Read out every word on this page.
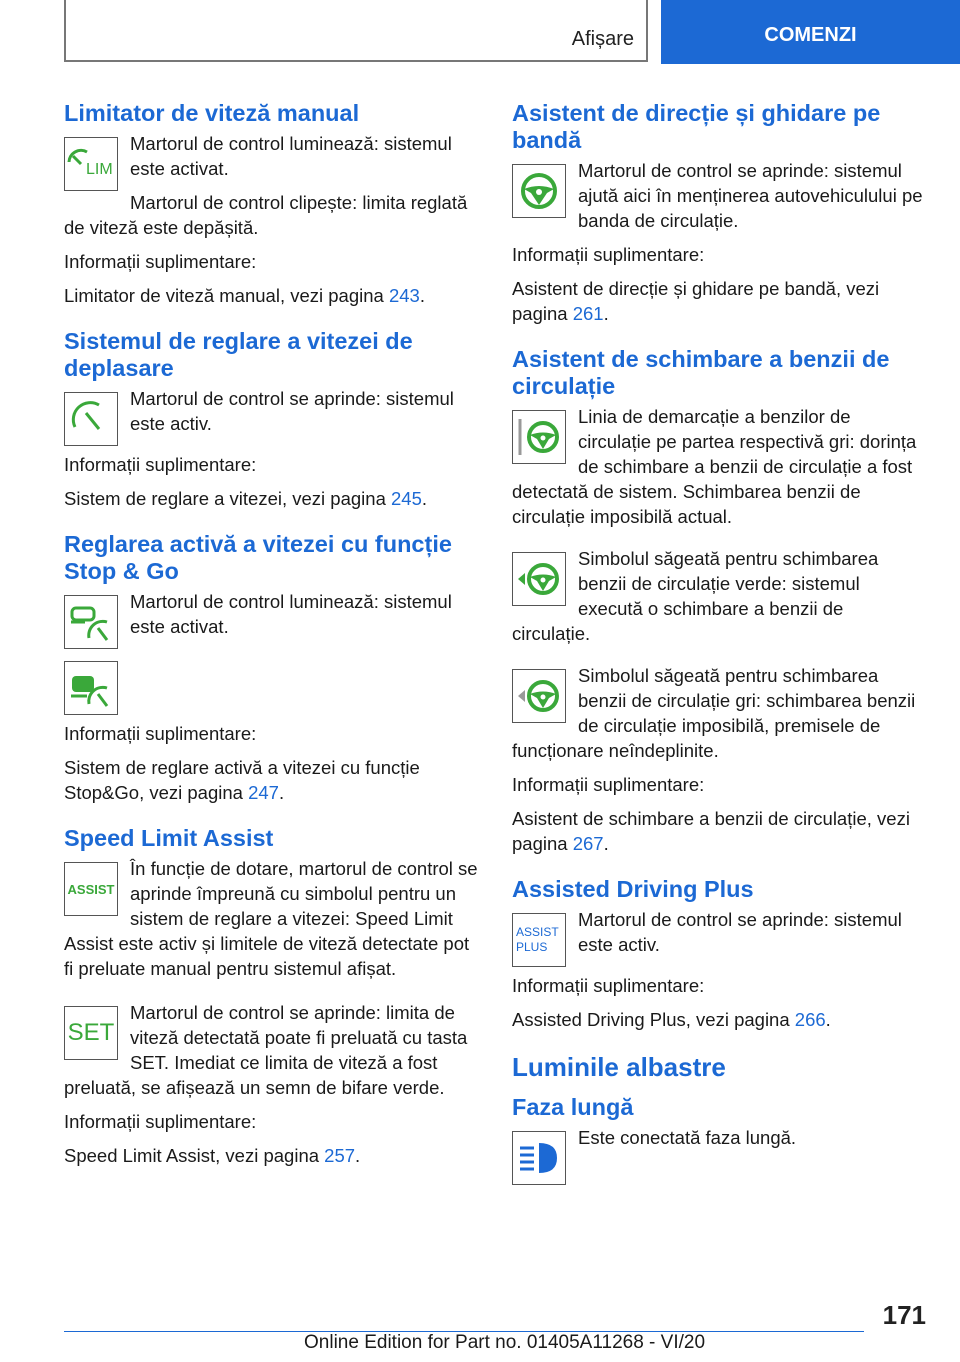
Afișare	COMENZI
Limitator de viteză manual
LIM

Martorul de control luminează: sistemul este activat.

Martorul de control clipește: limita reglată de viteză este depășită.

Informații suplimentare:

Limitator de viteză manual, vezi pagina 243.

Sistemul de reglare a vitezei de deplasare

Martorul de control se aprinde: sistemul este activ.

Informații suplimentare:

Sistem de reglare a vitezei, vezi pagina 245.

Reglarea activă a vitezei cu funcție Stop & Go

Martorul de control luminează: sistemul este activat.

Informații suplimentare:

Sistem de reglare activă a vitezei cu funcție Stop&Go, vezi pagina 247.

Speed Limit Assist
ASSIST

În funcție de dotare, martorul de control se aprinde împreună cu simbolul pentru un sistem de reglare a vitezei: Speed Limit Assist este activ și limitele de viteză detectate pot fi preluate manual pentru sistemul afișat.

SET

Martorul de control se aprinde: limita de viteză detectată poate fi preluată cu tasta SET. Imediat ce limita de viteză a fost preluată, se afișează un semn de bifare verde.

Informații suplimentare:

Speed Limit Assist, vezi pagina 257.

Asistent de direcție și ghidare pe bandă

Martorul de control se aprinde: sistemul ajută aici în menținerea autovehiculului pe banda de circulație.

Informații suplimentare:

Asistent de direcție și ghidare pe bandă, vezi pagina 261.

Asistent de schimbare a benzii de circulație

Linia de demarcație a benzilor de circulație pe partea respectivă gri: dorința de schimbare a benzii de circulație a fost detectată de sistem. Schimbarea benzii de circulație imposibilă actual.

Simbolul săgeată pentru schimbarea benzii de circulație verde: sistemul execută o schimbare a benzii de circulație.

Simbolul săgeată pentru schimbarea benzii de circulație gri: schimbarea benzii de circulație imposibilă, premisele de funcționare neîndeplinite.

Informații suplimentare:

Asistent de schimbare a benzii de circulație, vezi pagina 267.

Assisted Driving Plus
ASSIST
PLUS

Martorul de control se aprinde: sistemul este activ.

Informații suplimentare:

Assisted Driving Plus, vezi pagina 266.

Luminile albastre
Faza lungă

Este conectată faza lungă.

171
Online Edition for Part no. 01405A11268 - VI/20
